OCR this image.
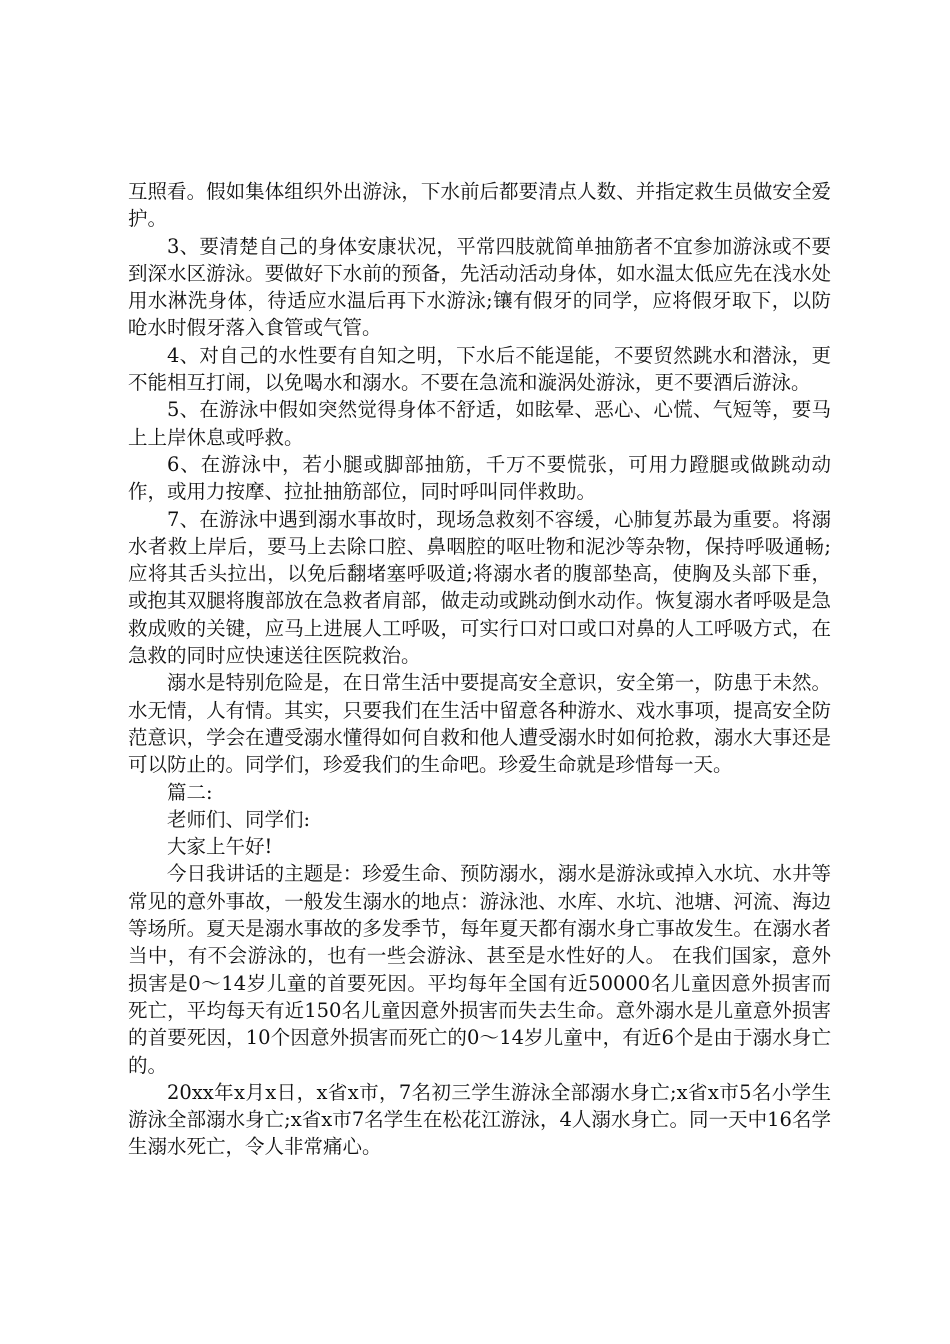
互照看。假如集体组织外出游泳，下水前后都要清点人数、并指定救生员做安全爱护。

3、要清楚自己的身体安康状况，平常四肢就简单抽筋者不宜参加游泳或不要到深水区游泳。要做好下水前的预备，先活动活动身体，如水温太低应先在浅水处用水淋洗身体，待适应水温后再下水游泳;镶有假牙的同学，应将假牙取下，以防呛水时假牙落入食管或气管。

4、对自己的水性要有自知之明，下水后不能逞能，不要贸然跳水和潜泳，更不能相互打闹，以免喝水和溺水。不要在急流和漩涡处游泳，更不要酒后游泳。

5、在游泳中假如突然觉得身体不舒适，如眩晕、恶心、心慌、气短等，要马上上岸休息或呼救。

6、在游泳中，若小腿或脚部抽筋，千万不要慌张，可用力蹬腿或做跳动动作，或用力按摩、拉扯抽筋部位，同时呼叫同伴救助。

7、在游泳中遇到溺水事故时，现场急救刻不容缓，心肺复苏最为重要。将溺水者救上岸后，要马上去除口腔、鼻咽腔的呕吐物和泥沙等杂物，保持呼吸通畅;应将其舌头拉出，以免后翻堵塞呼吸道;将溺水者的腹部垫高，使胸及头部下垂，或抱其双腿将腹部放在急救者肩部，做走动或跳动倒水动作。恢复溺水者呼吸是急救成败的关键，应马上进展人工呼吸，可实行口对口或口对鼻的人工呼吸方式，在急救的同时应快速送往医院救治。

溺水是特别危险是，在日常生活中要提高安全意识，安全第一，防患于未然。水无情，人有情。其实，只要我们在生活中留意各种游水、戏水事项，提高安全防范意识，学会在遭受溺水懂得如何自救和他人遭受溺水时如何抢救，溺水大事还是可以防止的。同学们，珍爱我们的生命吧。珍爱生命就是珍惜每一天。

篇二:

老师们、同学们:

大家上午好!

今日我讲话的主题是：珍爱生命、预防溺水，溺水是游泳或掉入水坑、水井等常见的意外事故，一般发生溺水的地点：游泳池、水库、水坑、池塘、河流、海边等场所。夏天是溺水事故的多发季节，每年夏天都有溺水身亡事故发生。在溺水者当中，有不会游泳的，也有一些会游泳、甚至是水性好的人。 在我们国家，意外损害是0～14岁儿童的首要死因。平均每年全国有近50000名儿童因意外损害而死亡，平均每天有近150名儿童因意外损害而失去生命。意外溺水是儿童意外损害的首要死因，10个因意外损害而死亡的0～14岁儿童中，有近6个是由于溺水身亡的。

20xx年x月x日，x省x市，7名初三学生游泳全部溺水身亡;x省x市5名小学生游泳全部溺水身亡;x省x市7名学生在松花江游泳，4人溺水身亡。同一天中16名学生溺水死亡，令人非常痛心。
